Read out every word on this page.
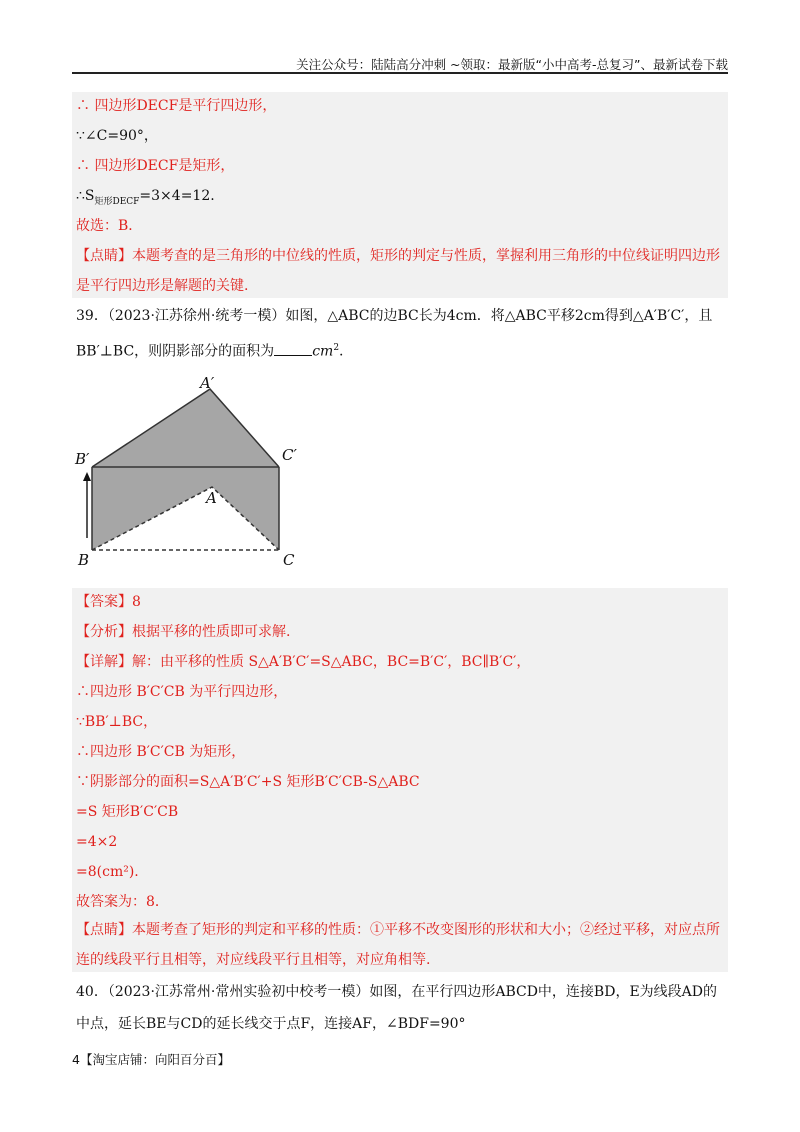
关注公众号：陆陆高分冲刺 ~领取：最新版“小中高考-总复习”、最新试卷下载
∴ 四边形DECF是平行四边形，
∵∠C=90°，
∴ 四边形DECF是矩形，
$\therefore S_{矩形DECF}=3\times 4=12$.
故选：B．
【点睛】本题考查的是三角形的中位线的性质，矩形的判定与性质，掌握利用三角形的中位线证明四边形
是平行四边形是解题的关键.
39．（2023·江苏徐州·统考一模）如图，△ABC的边BC长为4cm．将△ABC平移2cm得到△A′B′C′，且
BB′⊥BC，则阴影部分的面积为	$cm^2$.
A′
B′	C′
A
B	C
【答案】8
【分析】根据平移的性质即可求解.
【详解】解：由平移的性质 S△A′B′C′=S△ABC，BC=B′C′，BC∥B′C′，
∴四边形 B′C′CB 为平行四边形，
∵BB′⊥BC，
∴四边形 B′C′CB 为矩形，
∵阴影部分的面积=S△A′B′C′+S 矩形B′C′CB-S△ABC
=S 矩形B′C′CB
=4×2
=8(cm²).
故答案为：8．
【点睛】本题考查了矩形的判定和平移的性质：①平移不改变图形的形状和大小；②经过平移，对应点所
连的线段平行且相等，对应线段平行且相等，对应角相等.
40．（2023·江苏常州·常州实验初中校考一模）如图，在平行四边形ABCD中，连接BD，E为线段AD的
中点，延长BE与CD的延长线交于点F，连接AF，∠BDF=90°
4【淘宝店铺：向阳百分百】
